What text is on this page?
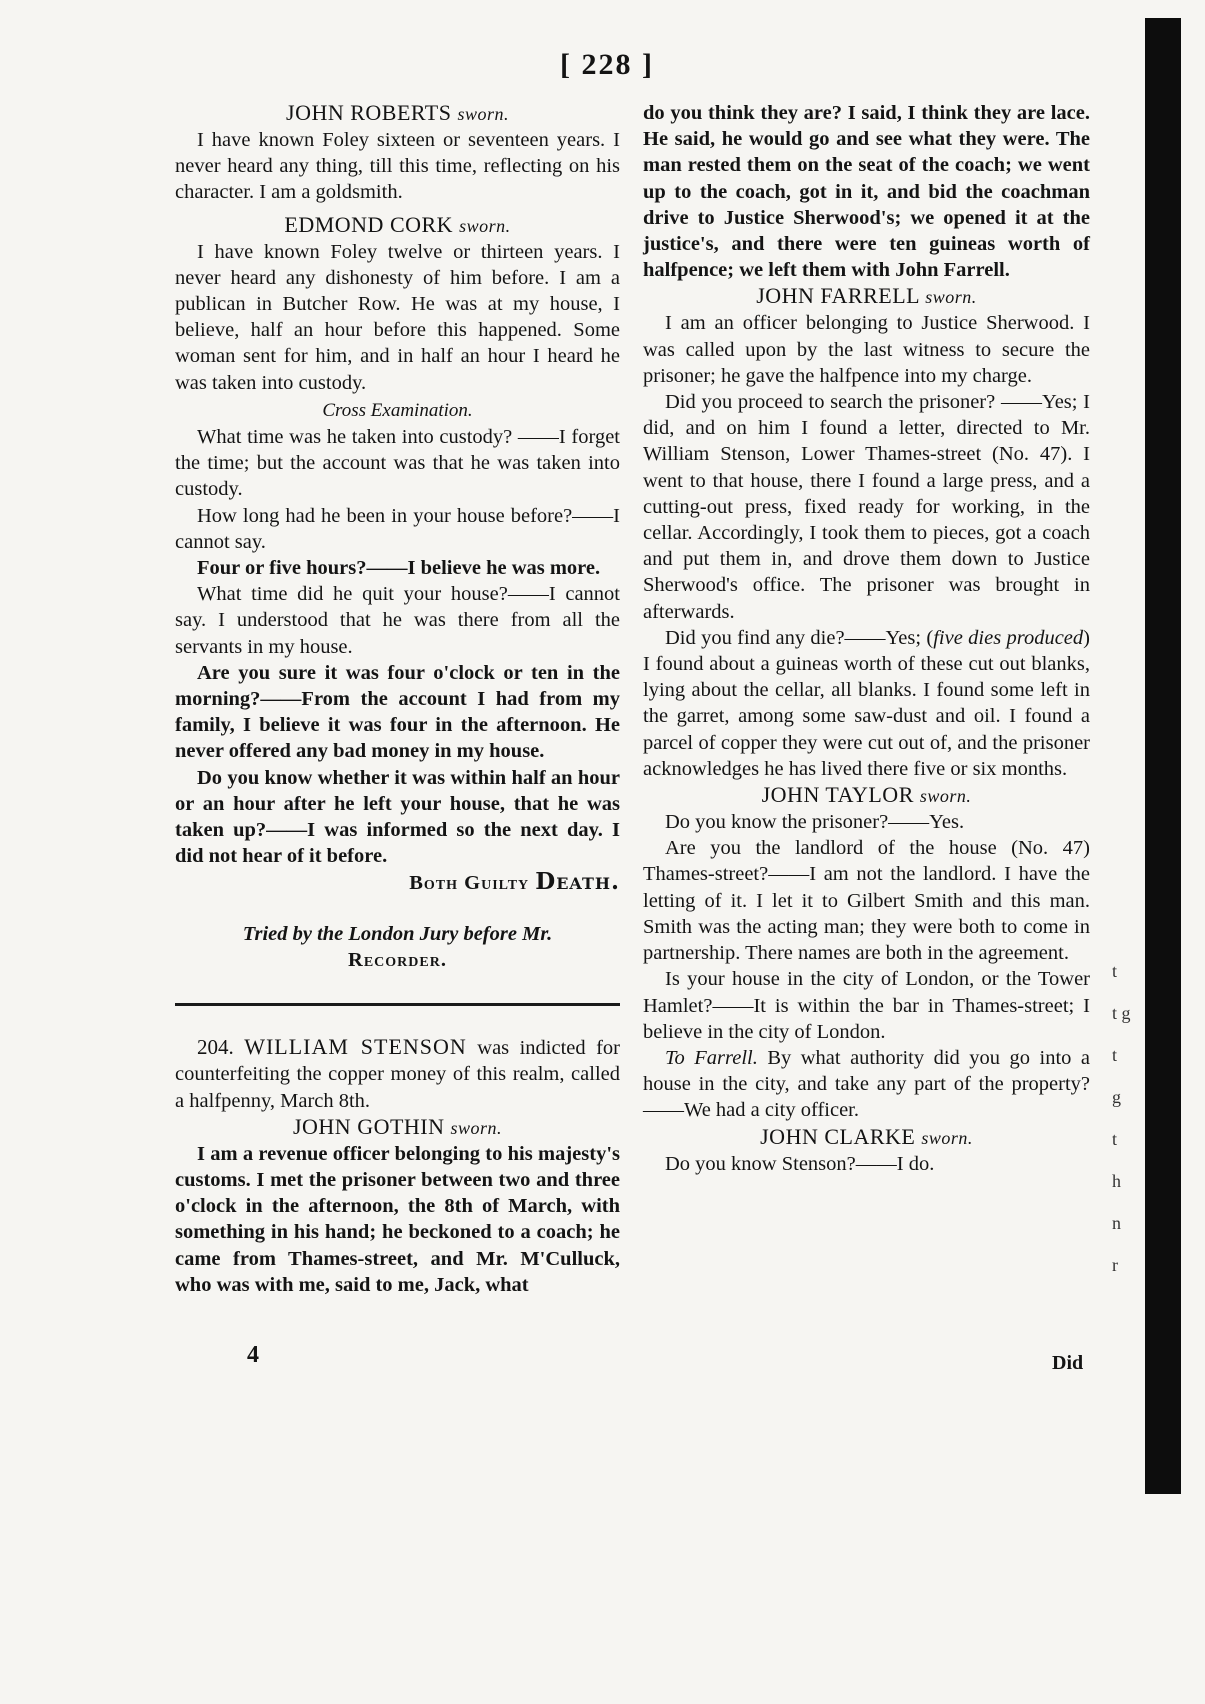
[ 228 ]
JOHN ROBERTS sworn.

I have known Foley sixteen or seventeen years. I never heard any thing, till this time, reflecting on his character. I am a goldsmith.

EDMOND CORK sworn.

I have known Foley twelve or thirteen years. I never heard any dishonesty of him before. I am a publican in Butcher Row. He was at my house, I believe, half an hour before this happened. Some woman sent for him, and in half an hour I heard he was taken into custody.

Cross Examination.

What time was he taken into custody? ——I forget the time; but the account was that he was taken into custody.

How long had he been in your house before?——I cannot say.

Four or five hours?——I believe he was more.

What time did he quit your house?——I cannot say. I understood that he was there from all the servants in my house.

Are you sure it was four o'clock or ten in the morning?——From the account I had from my family, I believe it was four in the afternoon. He never offered any bad money in my house.

Do you know whether it was within half an hour or an hour after he left your house, that he was taken up?——I was informed so the next day. I did not hear of it before.

Both Guilty Death.
Tried by the London Jury before Mr.
Recorder.

204. WILLIAM STENSON was indicted for counterfeiting the copper money of this realm, called a halfpenny, March 8th.

JOHN GOTHIN sworn.

I am a revenue officer belonging to his majesty's customs. I met the prisoner between two and three o'clock in the afternoon, the 8th of March, with something in his hand; he beckoned to a coach; he came from Thames-street, and Mr. M'Culluck, who was with me, said to me, Jack, what

4

do you think they are? I said, I think they are lace. He said, he would go and see what they were. The man rested them on the seat of the coach; we went up to the coach, got in it, and bid the coachman drive to Justice Sherwood's; we opened it at the justice's, and there were ten guineas worth of halfpence; we left them with John Farrell.

JOHN FARRELL sworn.

I am an officer belonging to Justice Sherwood. I was called upon by the last witness to secure the prisoner; he gave the halfpence into my charge.

Did you proceed to search the prisoner? ——Yes; I did, and on him I found a letter, directed to Mr. William Stenson, Lower Thames-street (No. 47). I went to that house, there I found a large press, and a cutting-out press, fixed ready for working, in the cellar. Accordingly, I took them to pieces, got a coach and put them in, and drove them down to Justice Sherwood's office. The prisoner was brought in afterwards.

Did you find any die?——Yes; (five dies produced) I found about a guineas worth of these cut out blanks, lying about the cellar, all blanks. I found some left in the garret, among some saw-dust and oil. I found a parcel of copper they were cut out of, and the prisoner acknowledges he has lived there five or six months.

JOHN TAYLOR sworn.

Do you know the prisoner?——Yes.

Are you the landlord of the house (No. 47) Thames-street?——I am not the landlord. I have the letting of it. I let it to Gilbert Smith and this man. Smith was the acting man; they were both to come in partnership. There names are both in the agreement.

Is your house in the city of London, or the Tower Hamlet?——It is within the bar in Thames-street; I believe in the city of London.

To Farrell. By what authority did you go into a house in the city, and take any part of the property?——We had a city officer.

JOHN CLARKE sworn.

Do you know Stenson?——I do.

Did
t
t g
t
g
t
h
n
r
